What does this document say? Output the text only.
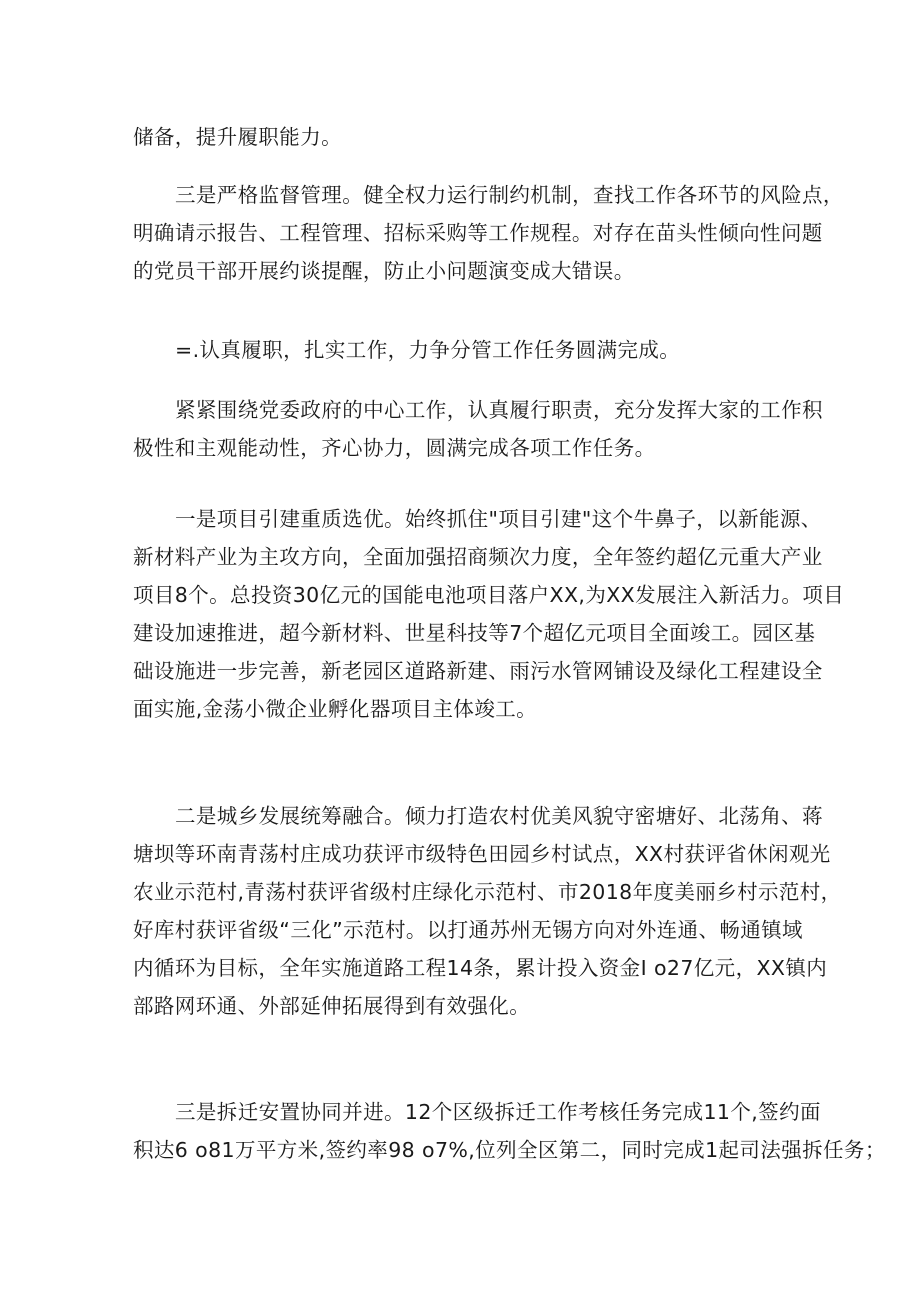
储备，提升履职能力。

三是严格监督管理。健全权力运行制约机制，查找工作各环节的风险点，
明确请示报告、工程管理、招标采购等工作规程。对存在苗头性倾向性问题
的党员干部开展约谈提醒，防止小问题演变成大错误。

=.认真履职，扎实工作，力争分管工作任务圆满完成。

紧紧围绕党委政府的中心工作，认真履行职责，充分发挥大家的工作积
极性和主观能动性，齐心协力，圆满完成各项工作任务。

一是项目引建重质选优。始终抓住"项目引建"这个牛鼻子，以新能源、
新材料产业为主攻方向，全面加强招商频次力度，全年签约超亿元重大产业
项目8个。总投资30亿元的国能电池项目落户XX,为XX发展注入新活力。项目
建设加速推进，超今新材料、世星科技等7个超亿元项目全面竣工。园区基
础设施进一步完善，新老园区道路新建、雨污水管网铺设及绿化工程建设全
面实施,金荡小微企业孵化器项目主体竣工。

二是城乡发展统筹融合。倾力打造农村优美风貌守密塘好、北荡角、蒋
塘坝等环南青荡村庄成功获评市级特色田园乡村试点，XX村获评省休闲观光
农业示范村,青荡村获评省级村庄绿化示范村、市2018年度美丽乡村示范村，
好库村获评省级“三化”示范村。以打通苏州无锡方向对外连通、畅通镇域
内循环为目标，全年实施道路工程14条，累计投入资金I o27亿元，XX镇内
部路网环通、外部延伸拓展得到有效强化。

三是拆迁安置协同并进。12个区级拆迁工作考核任务完成11个,签约面
积达6 o81万平方米,签约率98 o7%,位列全区第二，同时完成1起司法强拆任务；
